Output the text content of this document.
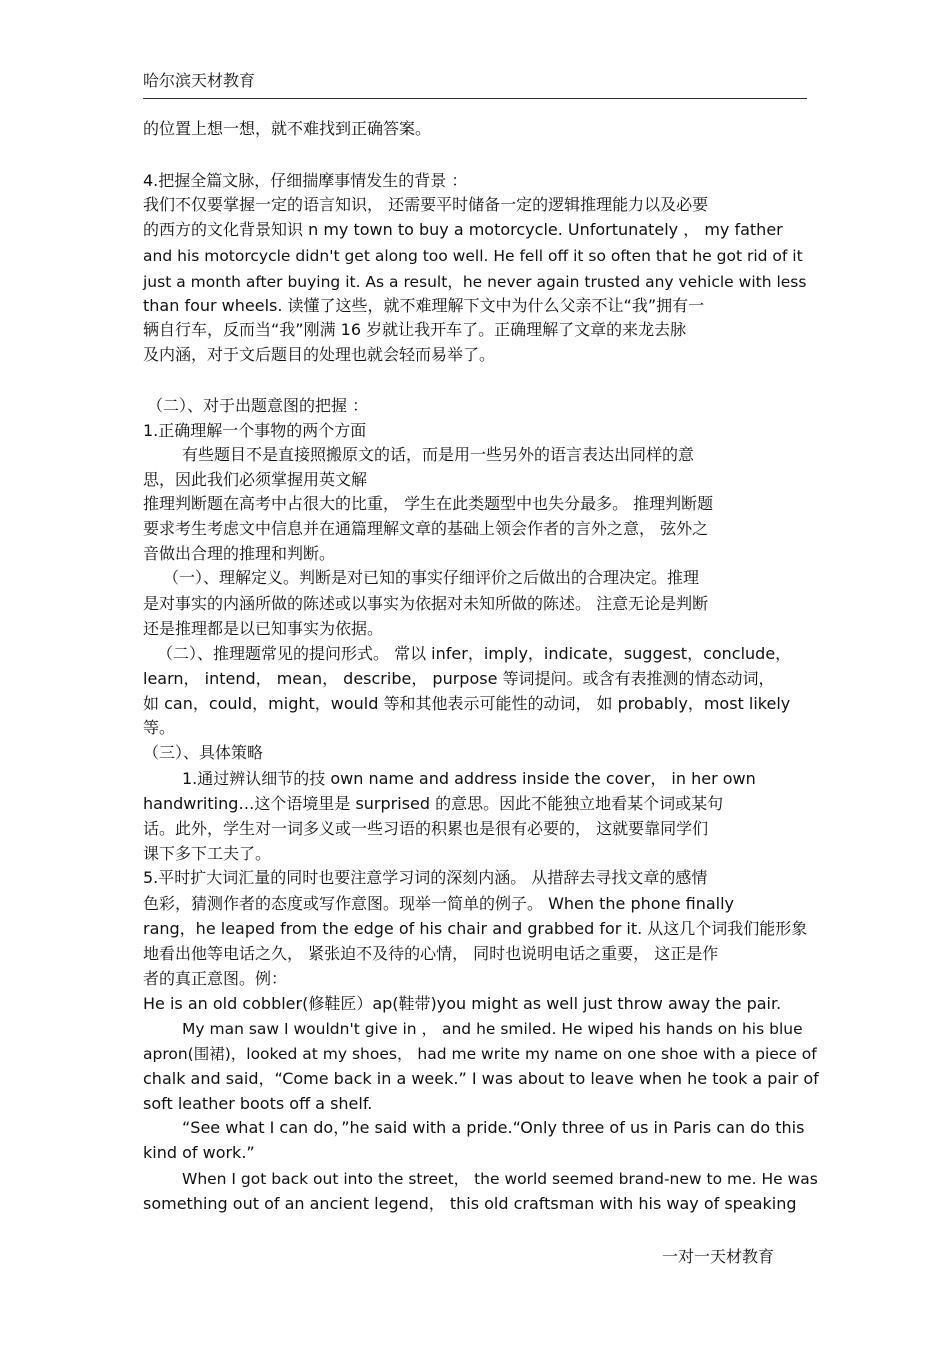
哈尔滨天材教育
的位置上想一想，就不难找到正确答案。
4.把握全篇文脉，仔细揣摩事情发生的背景 ：
我们不仅要掌握一定的语言知识， 还需要平时储备一定的逻辑推理能力以及必要
的西方的文化背景知识 n my town to buy a motorcycle. Unfortunately ， my father
and his motorcycle didn't get along too well. He fell off it so often that he got rid of it
just a month after buying it. As a result，he never again trusted any vehicle with less
than four wheels. 读懂了这些，就不难理解下文中为什么父亲不让“我”拥有一
辆自行车，反而当“我”刚满 16 岁就让我开车了。正确理解了文章的来龙去脉
及内涵，对于文后题目的处理也就会轻而易举了。
（二）、对于出题意图的把握 ：
1.正确理解一个事物的两个方面
有些题目不是直接照搬原文的话，而是用一些另外的语言表达出同样的意
思，因此我们必须掌握用英文解
推理判断题在高考中占很大的比重， 学生在此类题型中也失分最多。 推理判断题
要求考生考虑文中信息并在通篇理解文章的基础上领会作者的言外之意， 弦外之
音做出合理的推理和判断。
（一）、理解定义。判断是对已知的事实仔细评价之后做出的合理决定。推理
是对事实的内涵所做的陈述或以事实为依据对未知所做的陈述。 注意无论是判断
还是推理都是以已知事实为依据。
（二）、推理题常见的提问形式。 常以 infer，imply，indicate，suggest，conclude，
learn， intend， mean， describe， purpose 等词提问。或含有表推测的情态动词，
如 can，could，might，would 等和其他表示可能性的动词， 如 probably，most likely
等。
（三）、具体策略
1.通过辨认细节的技 own name and address inside the cover， in her own
handwriting…这个语境里是 surprised 的意思。因此不能独立地看某个词或某句
话。此外，学生对一词多义或一些习语的积累也是很有必要的， 这就要靠同学们
课下多下工夫了。
5.平时扩大词汇量的同时也要注意学习词的深刻内涵。 从措辞去寻找文章的感情
色彩，猜测作者的态度或写作意图。现举一简单的例子。 When the phone finally
rang，he leaped from the edge of his chair and grabbed for it. 从这几个词我们能形象
地看出他等电话之久， 紧张迫不及待的心情， 同时也说明电话之重要， 这正是作
者的真正意图。例：
He is an old cobbler(修鞋匠）ap(鞋带)you might as well just throw away the pair.
My man saw I wouldn't give in ， and he smiled. He wiped his hands on his blue
apron(围裙)，looked at my shoes， had me write my name on one shoe with a piece of
chalk and said，“Come back in a week.” I was about to leave when he took a pair of
soft leather boots off a shelf.
“See what I can do，”he said with a pride.“Only three of us in Paris can do this
kind of work.”
When I got back out into the street， the world seemed brand-new to me. He was
something out of an ancient legend， this old craftsman with his way of speaking
一对一天材教育
